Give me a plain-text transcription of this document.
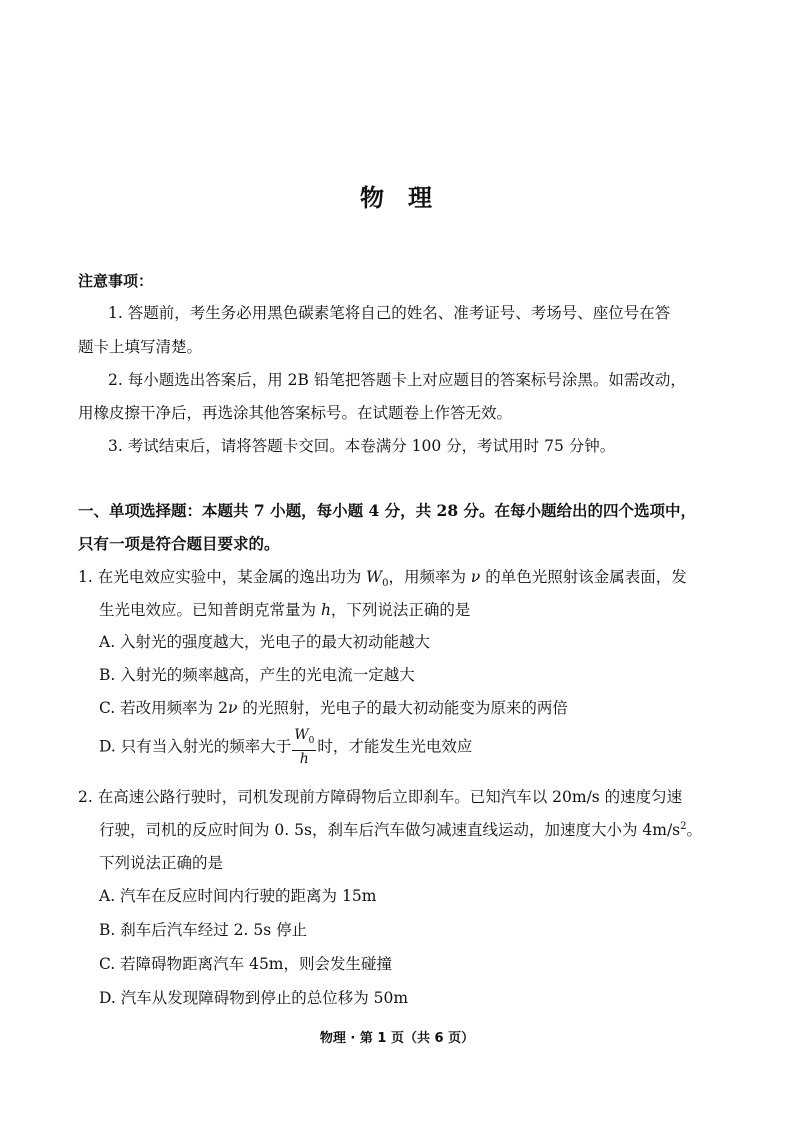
物 理
注意事项：
1. 答题前，考生务必用黑色碳素笔将自己的姓名、准考证号、考场号、座位号在答
题卡上填写清楚。
2. 每小题选出答案后，用 2B 铅笔把答题卡上对应题目的答案标号涂黑。如需改动，
用橡皮擦干净后，再选涂其他答案标号。在试题卷上作答无效。
3. 考试结束后，请将答题卡交回。本卷满分 100 分，考试用时 75 分钟。
一、单项选择题：本题共 7 小题，每小题 4 分，共 28 分。在每小题给出的四个选项中，
只有一项是符合题目要求的。
1. 在光电效应实验中，某金属的逸出功为 $W_0$，用频率为 ν 的单色光照射该金属表面，发
生光电效应。已知普朗克常量为 h，下列说法正确的是
A. 入射光的强度越大，光电子的最大初动能越大
B. 入射光的频率越高，产生的光电流一定越大
C. 若改用频率为 2ν 的光照射，光电子的最大初动能变为原来的两倍
D. 只有当入射光的频率大于 $\frac{W_0}{h}$ 时，才能发生光电效应
2. 在高速公路行驶时，司机发现前方障碍物后立即刹车。已知汽车以 20m/s 的速度匀速
行驶，司机的反应时间为 0. 5s，刹车后汽车做匀减速直线运动，加速度大小为 $4m/s^2$。
下列说法正确的是
A. 汽车在反应时间内行驶的距离为 15m
B. 刹车后汽车经过 2. 5s 停止
C. 若障碍物距离汽车 45m，则会发生碰撞
D. 汽车从发现障碍物到停止的总位移为 50m
物理 · 第 1 页（共 6 页）
